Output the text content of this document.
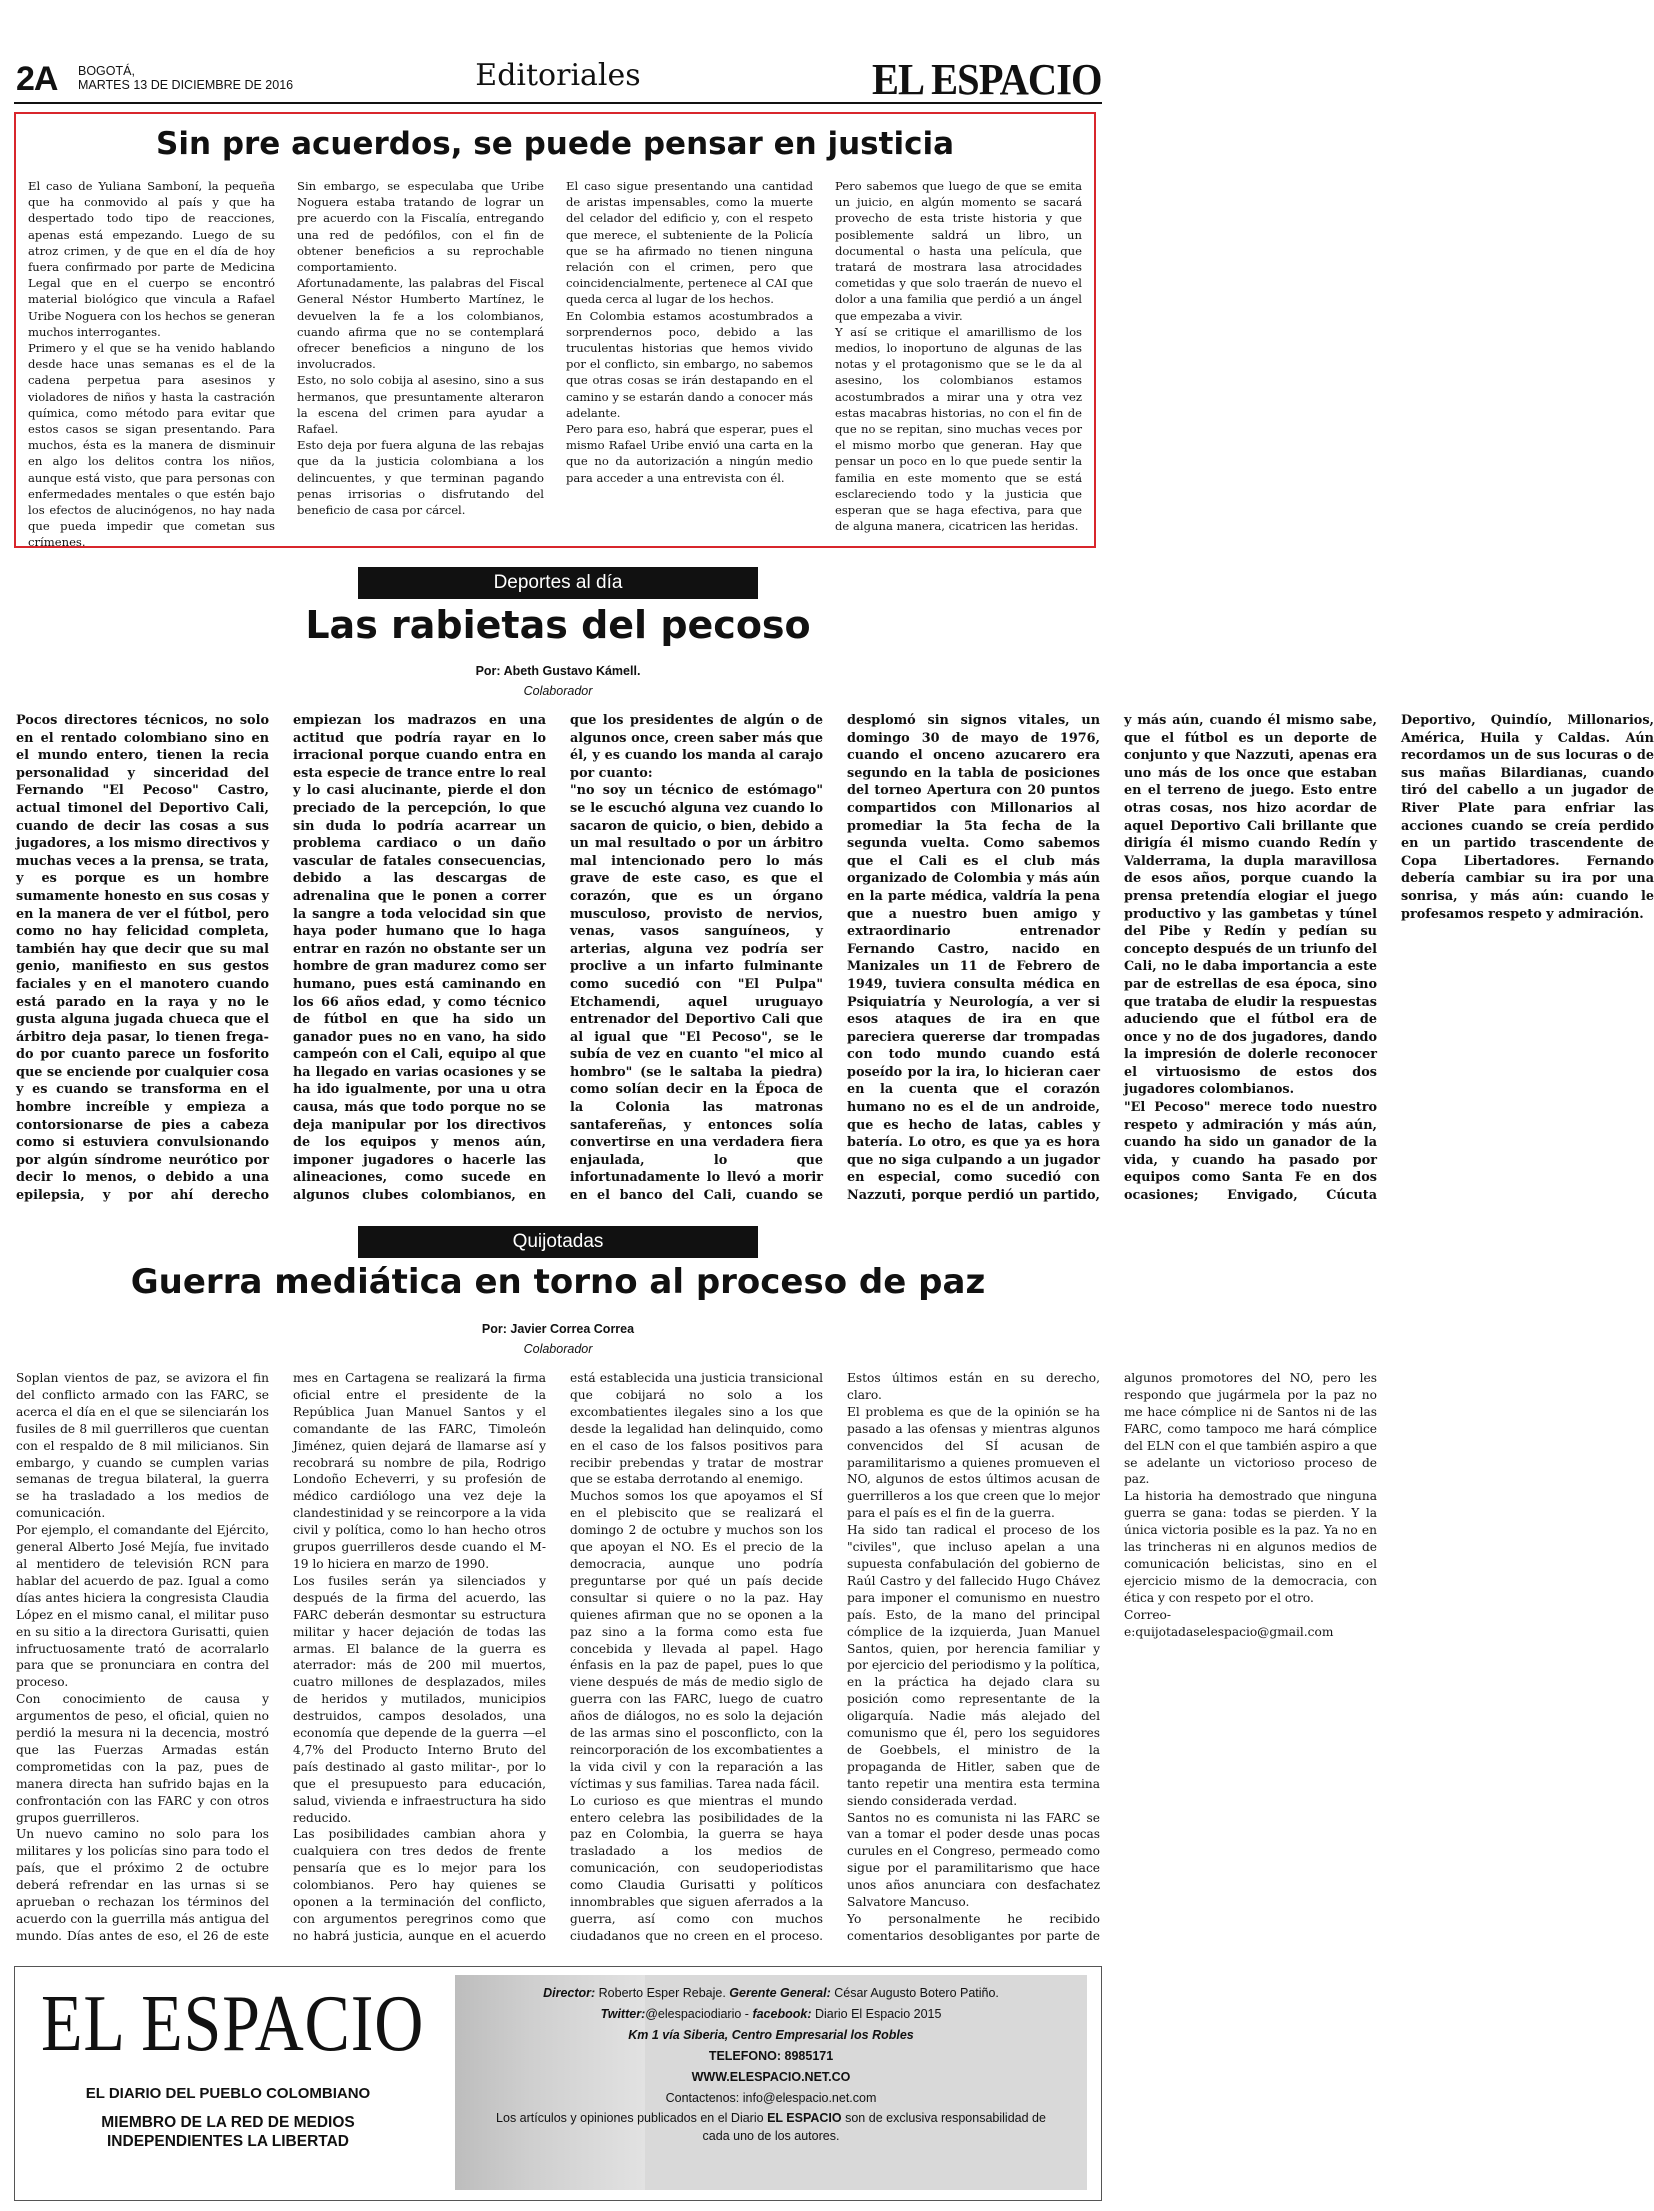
2A BOGOTÁ,
MARTES 13 DE DICIEMBRE DE 2016	Editoriales	EL ESPACIO
Sin pre acuerdos, se puede pensar en justicia

El caso de Yuliana Samboní, la pequeña que ha conmovido al país y que ha despertado todo tipo de reacciones, apenas está empezando. Luego de su atroz crimen, y de que en el día de hoy fuera confirmado por parte de Medicina Legal que en el cuerpo se encontró material biológico que vincula a Rafael Uribe Noguera con los hechos se generan muchos interrogantes.

Primero y el que se ha venido hablando desde hace unas semanas es el de la cadena perpetua para asesinos y violadores de niños y hasta la castración química, como método para evitar que estos casos se sigan presentando. Para muchos, ésta es la manera de disminuir en algo los delitos contra los niños, aunque está visto, que para personas con enfermedades mentales o que estén bajo los efectos de alucinógenos, no hay nada que pueda impedir que cometan sus crímenes.

Sin embargo, se especulaba que Uribe Noguera estaba tratando de lograr un pre acuerdo con la Fiscalía, entregando una red de pedófilos, con el fin de obtener beneficios a su reprochable comportamiento.

Afortunadamente, las palabras del Fiscal General Néstor Humberto Martínez, le devuelven la fe a los colombianos, cuando afirma que no se contemplará ofrecer beneficios a ninguno de los involucrados.

Esto, no solo cobija al asesino, sino a sus hermanos, que presuntamente alteraron la escena del crimen para ayudar a Rafael.

Esto deja por fuera alguna de las rebajas que da la justicia colombiana a los delincuentes, y que terminan pagando penas irrisorias o disfrutando del beneficio de casa por cárcel.

El caso sigue presentando una cantidad de aristas impensables, como la muerte del celador del edificio y, con el respeto que merece, el subteniente de la Policía que se ha afirmado no tienen ninguna relación con el crimen, pero que coincidencialmente, pertenece al CAI que queda cerca al lugar de los hechos.

En Colombia estamos acostumbrados a sorprendernos poco, debido a las truculentas historias que hemos vivido por el conflicto, sin embargo, no sabemos que otras cosas se irán destapando en el camino y se estarán dando a conocer más adelante.

Pero para eso, habrá que esperar, pues el mismo Rafael Uribe envió una carta en la que no da autorización a ningún medio para acceder a una entrevista con él.

Pero sabemos que luego de que se emita un juicio, en algún momento se sacará provecho de esta triste historia y que posiblemente saldrá un libro, un documental o hasta una película, que tratará de mostrara lasa atrocidades cometidas y que solo traerán de nuevo el dolor a una familia que perdió a un ángel que empezaba a vivir.

Y así se critique el amarillismo de los medios, lo inoportuno de algunas de las notas y el protagonismo que se le da al asesino, los colombianos estamos acostumbrados a mirar una y otra vez estas macabras historias, no con el fin de que no se repitan, sino muchas veces por el mismo morbo que generan. Hay que pensar un poco en lo que puede sentir la familia en este momento que se está esclareciendo todo y la justicia que esperan que se haga efectiva, para que de alguna manera, cicatricen las heridas.

Deportes al día
Las rabietas del pecoso
Por: Abeth Gustavo Kámell.
Colaborador

Pocos directores técnicos, no solo en el rentado colombiano sino en el mundo entero, tienen la recia personalidad y sinceridad del Fernando "El Pecoso" Castro, actual timonel del Deportivo Cali, cuando de decir las cosas a sus jugadores, a los mismo directivos y muchas veces a la prensa, se trata, y es porque es un hombre sumamente honesto en sus cosas y en la manera de ver el fútbol, pero como no hay felicidad completa, también hay que decir que su mal genio, manifiesto en sus gestos faciales y en el manotero cuando está parado en la raya y no le gusta alguna jugada chueca que el árbitro deja pasar, lo tienen frega-do por cuanto parece un fosforito que se enciende por cualquier cosa y es cuando se transforma en el hombre increíble y empieza a contorsionarse de pies a cabeza como si estuviera convulsionando por algún síndrome neurótico por decir lo menos, o debido a una epilepsia, y por ahí derecho empiezan los madrazos en una actitud que podría rayar en lo irracional porque cuando entra en esta especie de trance entre lo real y lo casi alucinante, pierde el don preciado de la percepción, lo que sin duda lo podría acarrear un problema cardiaco o un daño vascular de fatales consecuencias, debido a las descargas de adrenalina que le ponen a correr la sangre a toda velocidad sin que haya poder humano que lo haga entrar en razón no obstante ser un hombre de gran madurez como ser humano, pues está caminando en los 66 años edad, y como técnico de fútbol en que ha sido un ganador pues no en vano, ha sido campeón con el Cali, equipo al que ha llegado en varias ocasiones y se ha ido igualmente, por una u otra causa, más que todo porque no se deja manipular por los directivos de los equipos y menos aún, imponer jugadores o hacerle las alineaciones, como sucede en algunos clubes colombianos, en que los presidentes de algún o de algunos once, creen saber más que él, y es cuando los manda al carajo por cuanto:

"no soy un técnico de estómago" se le escuchó alguna vez cuando lo sacaron de quicio, o bien, debido a un mal resultado o por un árbitro mal intencionado pero lo más grave de este caso, es que el corazón, que es un órgano musculoso, provisto de nervios, venas, vasos sanguíneos, y arterias, alguna vez podría ser proclive a un infarto fulminante como sucedió con "El Pulpa" Etchamendi, aquel uruguayo entrenador del Deportivo Cali que al igual que "El Pecoso", se le subía de vez en cuanto "el mico al hombro" (se le saltaba la piedra) como solían decir en la Época de la Colonia las matronas santafereñas, y entonces solía convertirse en una verdadera fiera enjaulada, lo que infortunadamente lo llevó a morir en el banco del Cali, cuando se desplomó sin signos vitales, un domingo 30 de mayo de 1976, cuando el onceno azucarero era segundo en la tabla de posiciones del torneo Apertura con 20 puntos compartidos con Millonarios al promediar la 5ta fecha de la segunda vuelta. Como sabemos que el Cali es el club más organizado de Colombia y más aún en la parte médica, valdría la pena que a nuestro buen amigo y extraordinario entrenador Fernando Castro, nacido en Manizales un 11 de Febrero de 1949, tuviera consulta médica en Psiquiatría y Neurología, a ver si esos ataques de ira en que pareciera quererse dar trompadas con todo mundo cuando está poseído por la ira, lo hicieran caer en la cuenta que el corazón humano no es el de un androide, que es hecho de latas, cables y batería. Lo otro, es que ya es hora que no siga culpando a un jugador en especial, como sucedió con Nazzuti, porque perdió un partido, y más aún, cuando él mismo sabe, que el fútbol es un deporte de conjunto y que Nazzuti, apenas era uno más de los once que estaban en el terreno de juego. Esto entre otras cosas, nos hizo acordar de aquel Deportivo Cali brillante que dirigía él mismo cuando Redín y Valderrama, la dupla maravillosa de esos años, porque cuando la prensa pretendía elogiar el juego productivo y las gambetas y túnel del Pibe y Redín y pedían su concepto después de un triunfo del Cali, no le daba importancia a este par de estrellas de esa época, sino que trataba de eludir la respuestas aduciendo que el fútbol era de once y no de dos jugadores, dando la impresión de dolerle reconocer el virtuosismo de estos dos jugadores colombianos.

"El Pecoso" merece todo nuestro respeto y admiración y más aún, cuando ha sido un ganador de la vida, y cuando ha pasado por equipos como Santa Fe en dos ocasiones; Envigado, Cúcuta Deportivo, Quindío, Millonarios, América, Huila y Caldas. Aún recordamos un de sus locuras o de sus mañas Bilardianas, cuando tiró del cabello a un jugador de River Plate para enfriar las acciones cuando se creía perdido en un partido trascendente de Copa Libertadores. Fernando debería cambiar su ira por una sonrisa, y más aún: cuando le profesamos respeto y admiración.

Quijotadas
Guerra mediática en torno al proceso de paz
Por: Javier Correa Correa
Colaborador

Soplan vientos de paz, se avizora el fin del conflicto armado con las FARC, se acerca el día en el que se silenciarán los fusiles de 8 mil guerrilleros que cuentan con el respaldo de 8 mil milicianos. Sin embargo, y cuando se cumplen varias semanas de tregua bilateral, la guerra se ha trasladado a los medios de comunicación.

Por ejemplo, el comandante del Ejército, general Alberto José Mejía, fue invitado al mentidero de televisión RCN para hablar del acuerdo de paz. Igual a como días antes hiciera la congresista Claudia López en el mismo canal, el militar puso en su sitio a la directora Gurisatti, quien infructuosamente trató de acorralarlo para que se pronunciara en contra del proceso.

Con conocimiento de causa y argumentos de peso, el oficial, quien no perdió la mesura ni la decencia, mostró que las Fuerzas Armadas están comprometidas con la paz, pues de manera directa han sufrido bajas en la confrontación con las FARC y con otros grupos guerrilleros.

Un nuevo camino no solo para los militares y los policías sino para todo el país, que el próximo 2 de octubre deberá refrendar en las urnas si se aprueban o rechazan los términos del acuerdo con la guerrilla más antigua del mundo. Días antes de eso, el 26 de este mes en Cartagena se realizará la firma oficial entre el presidente de la República Juan Manuel Santos y el comandante de las FARC, Timoleón Jiménez, quien dejará de llamarse así y recobrará su nombre de pila, Rodrigo Londoño Echeverri, y su profesión de médico cardiólogo una vez deje la clandestinidad y se reincorpore a la vida civil y política, como lo han hecho otros grupos guerrilleros desde cuando el M-19 lo hiciera en marzo de 1990.

Los fusiles serán ya silenciados y después de la firma del acuerdo, las FARC deberán desmontar su estructura militar y hacer dejación de todas las armas. El balance de la guerra es aterrador: más de 200 mil muertos, cuatro millones de desplazados, miles de heridos y mutilados, municipios destruidos, campos desolados, una economía que depende de la guerra —el 4,7% del Producto Interno Bruto del país destinado al gasto militar-, por lo que el presupuesto para educación, salud, vivienda e infraestructura ha sido reducido.

Las posibilidades cambian ahora y cualquiera con tres dedos de frente pensaría que es lo mejor para los colombianos. Pero hay quienes se oponen a la terminación del conflicto, con argumentos peregrinos como que no habrá justicia, aunque en el acuerdo está establecida una justicia transicional que cobijará no solo a los excombatientes ilegales sino a los que desde la legalidad han delinquido, como en el caso de los falsos positivos para recibir prebendas y tratar de mostrar que se estaba derrotando al enemigo.

Muchos somos los que apoyamos el SÍ en el plebiscito que se realizará el domingo 2 de octubre y muchos son los que apoyan el NO. Es el precio de la democracia, aunque uno podría preguntarse por qué un país decide consultar si quiere o no la paz. Hay quienes afirman que no se oponen a la paz sino a la forma como esta fue concebida y llevada al papel. Hago énfasis en la paz de papel, pues lo que viene después de más de medio siglo de guerra con las FARC, luego de cuatro años de diálogos, no es solo la dejación de las armas sino el posconflicto, con la reincorporación de los excombatientes a la vida civil y con la reparación a las víctimas y sus familias. Tarea nada fácil.

Lo curioso es que mientras el mundo entero celebra las posibilidades de la paz en Colombia, la guerra se haya trasladado a los medios de comunicación, con seudoperiodistas como Claudia Gurisatti y políticos innombrables que siguen aferrados a la guerra, así como con muchos ciudadanos que no creen en el proceso. Estos últimos están en su derecho, claro.

El problema es que de la opinión se ha pasado a las ofensas y mientras algunos convencidos del SÍ acusan de paramilitarismo a quienes promueven el NO, algunos de estos últimos acusan de guerrilleros a los que creen que lo mejor para el país es el fin de la guerra.

Ha sido tan radical el proceso de los "civiles", que incluso apelan a una supuesta confabulación del gobierno de Raúl Castro y del fallecido Hugo Chávez para imponer el comunismo en nuestro país. Esto, de la mano del principal cómplice de la izquierda, Juan Manuel Santos, quien, por herencia familiar y por ejercicio del periodismo y la política, en la práctica ha dejado clara su posición como representante de la oligarquía. Nadie más alejado del comunismo que él, pero los seguidores de Goebbels, el ministro de la propaganda de Hitler, saben que de tanto repetir una mentira esta termina siendo considerada verdad.

Santos no es comunista ni las FARC se van a tomar el poder desde unas pocas curules en el Congreso, permeado como sigue por el paramilitarismo que hace unos años anunciara con desfachatez Salvatore Mancuso.

Yo personalmente he recibido comentarios desobligantes por parte de algunos promotores del NO, pero les respondo que jugármela por la paz no me hace cómplice ni de Santos ni de las FARC, como tampoco me hará cómplice del ELN con el que también aspiro a que se adelante un victorioso proceso de paz.

La historia ha demostrado que ninguna guerra se gana: todas se pierden. Y la única victoria posible es la paz. Ya no en las trincheras ni en algunos medios de comunicación belicistas, sino en el ejercicio mismo de la democracia, con ética y con respeto por el otro.

Correo-e:quijotadaselespacio@gmail.com

EL ESPACIO
EL DIARIO DEL PUEBLO COLOMBIANO
MIEMBRO DE LA RED DE MEDIOS
INDEPENDIENTES LA LIBERTAD
Director: Roberto Esper Rebaje. Gerente General: César Augusto Botero Patiño.
Twitter:@elespaciodiario - facebook: Diario El Espacio 2015
Km 1 vía Siberia, Centro Empresarial los Robles
TELEFONO: 8985171
WWW.ELESPACIO.NET.CO
Contactenos: info@elespacio.net.com
Los artículos y opiniones publicados en el Diario EL ESPACIO son de exclusiva responsabilidad de cada uno de los autores.
